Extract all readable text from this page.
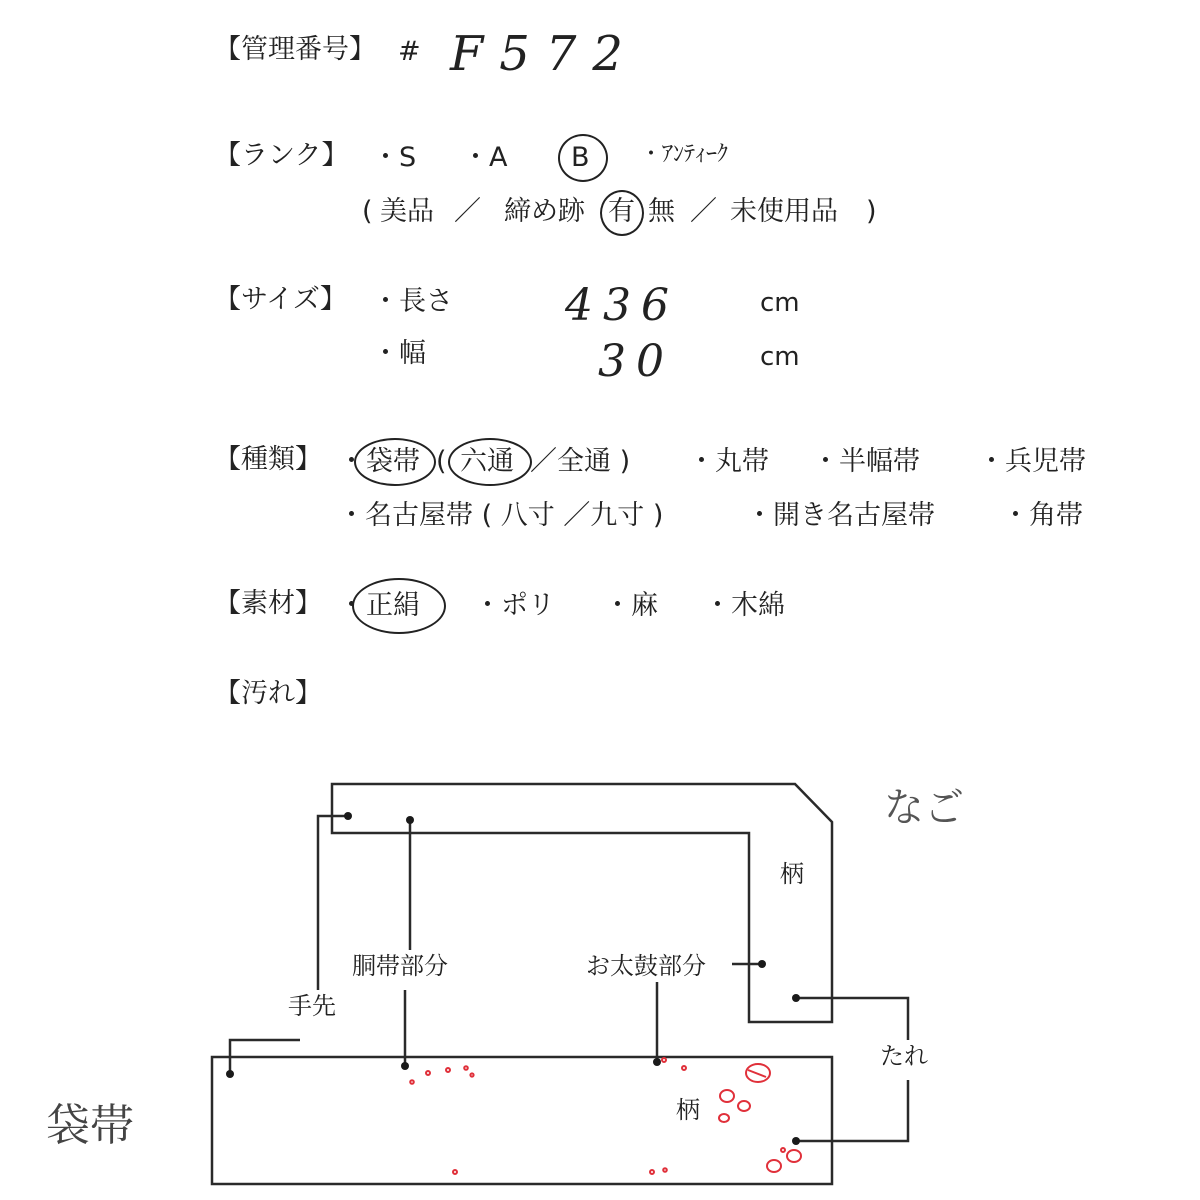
【管理番号】 # F572
【ランク】 ・S ・A B ・ｱﾝﾃｨｰｸ
( 美品 ／ 締め跡 有 無 ／ 未使用品 )
【サイズ】 ・長さ	436	cm
・幅	30	cm
【種類】 ・ 袋帯 ( 六通 ／全通 ) ・丸帯 ・半幅帯 ・兵児帯
・名古屋帯 ( 八寸 ／九寸 )	・開き名古屋帯 ・角帯
【素材】 ・ 正絹 ・ポリ ・麻 ・木綿
【汚れ】
なご
袋帯
柄
柄
胴帯部分	お太鼓部分
手先
たれ
